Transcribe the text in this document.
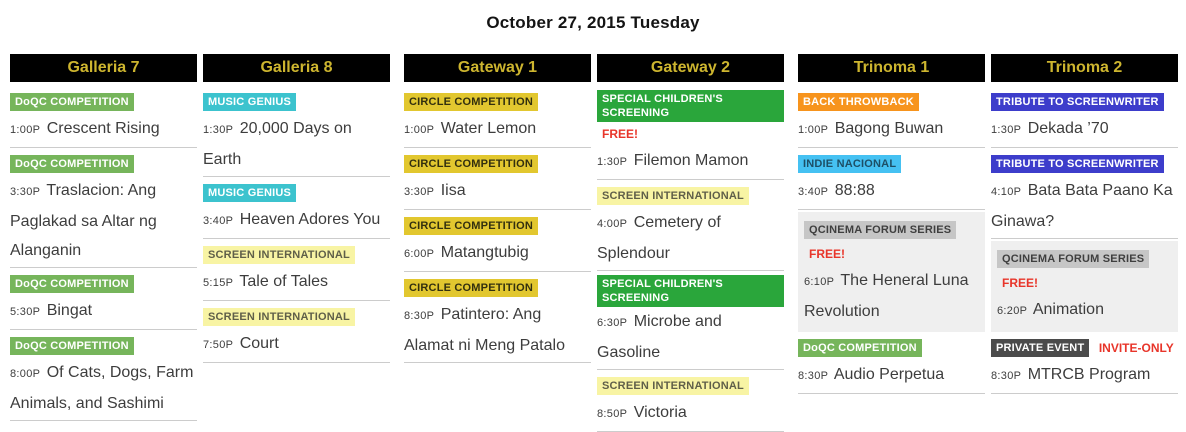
October 27, 2015 Tuesday
Galleria 7
DoQC COMPETITION
1:00P Crescent Rising
DoQC COMPETITION
3:30P Traslacion: Ang Paglakad sa Altar ng Alanganin
DoQC COMPETITION
5:30P Bingat
DoQC COMPETITION
8:00P Of Cats, Dogs, Farm Animals, and Sashimi
Galleria 8
MUSIC GENIUS
1:30P 20,000 Days on Earth
MUSIC GENIUS
3:40P Heaven Adores You
SCREEN INTERNATIONAL
5:15P Tale of Tales
SCREEN INTERNATIONAL
7:50P Court
Gateway 1
CIRCLE COMPETITION
1:00P Water Lemon
CIRCLE COMPETITION
3:30P Iisa
CIRCLE COMPETITION
6:00P Matangtubig
CIRCLE COMPETITION
8:30P Patintero: Ang Alamat ni Meng Patalo
Gateway 2
SPECIAL CHILDREN'S SCREENING FREE!
1:30P Filemon Mamon
SCREEN INTERNATIONAL
4:00P Cemetery of Splendour
SPECIAL CHILDREN'S SCREENING
6:30P Microbe and Gasoline
SCREEN INTERNATIONAL
8:50P Victoria
Trinoma 1
BACK THROWBACK
1:00P Bagong Buwan
INDIE NACIONAL
3:40P 88:88
QCINEMA FORUM SERIES FREE!
6:10P The Heneral Luna Revolution
DoQC COMPETITION
8:30P Audio Perpetua
Trinoma 2
TRIBUTE TO SCREENWRITER
1:30P Dekada ’70
TRIBUTE TO SCREENWRITER
4:10P Bata Bata Paano Ka Ginawa?
QCINEMA FORUM SERIES FREE!
6:20P Animation
PRIVATE EVENT INVITE-ONLY
8:30P MTRCB Program
